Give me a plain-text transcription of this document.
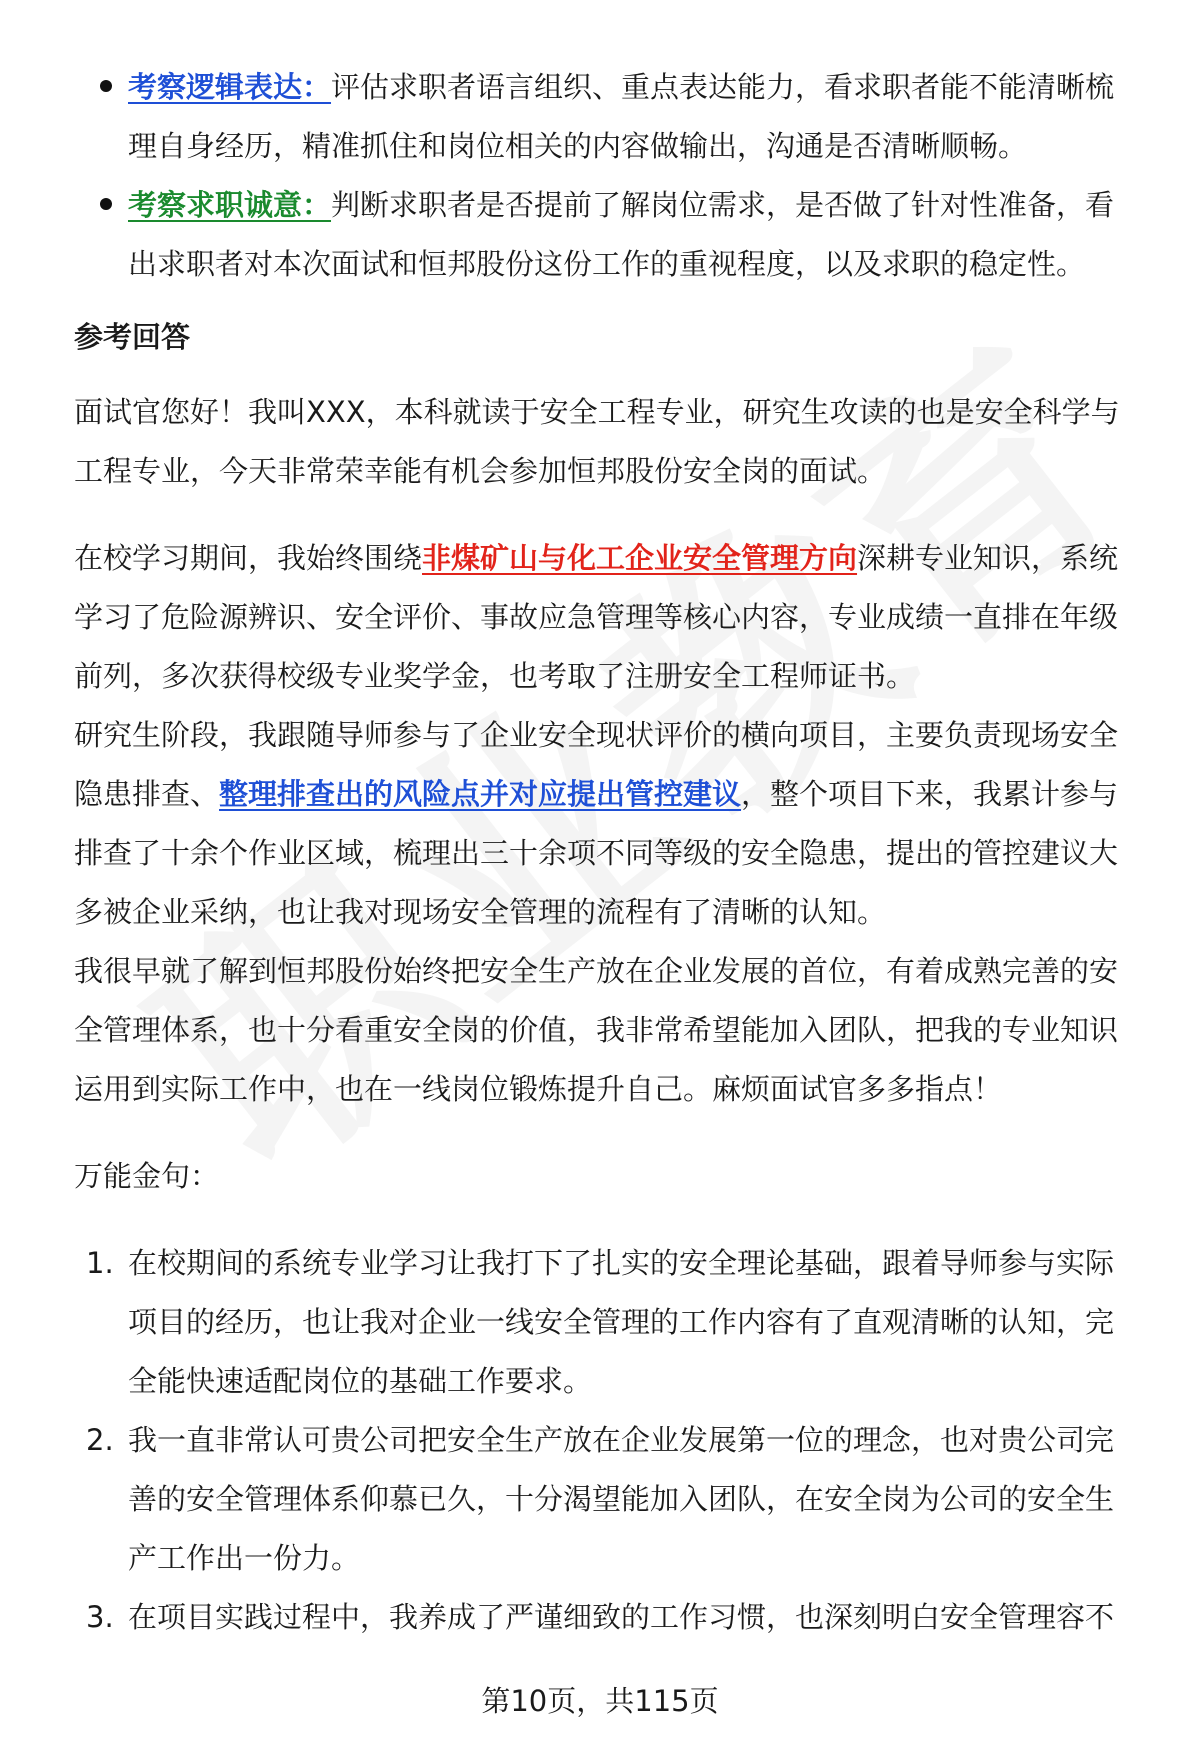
考察逻辑表达：评估求职者语言组织、重点表达能力，看求职者能不能清晰梳
理自身经历，精准抓住和岗位相关的内容做输出，沟通是否清晰顺畅。
考察求职诚意：判断求职者是否提前了解岗位需求，是否做了针对性准备，看
出求职者对本次面试和恒邦股份这份工作的重视程度，以及求职的稳定性。
参考回答
面试官您好！我叫XXX，本科就读于安全工程专业，研究生攻读的也是安全科学与
工程专业，今天非常荣幸能有机会参加恒邦股份安全岗的面试。
在校学习期间，我始终围绕非煤矿山与化工企业安全管理方向深耕专业知识，系统
学习了危险源辨识、安全评价、事故应急管理等核心内容，专业成绩一直排在年级
前列，多次获得校级专业奖学金，也考取了注册安全工程师证书。
研究生阶段，我跟随导师参与了企业安全现状评价的横向项目，主要负责现场安全
隐患排查、整理排查出的风险点并对应提出管控建议，整个项目下来，我累计参与
排查了十余个作业区域，梳理出三十余项不同等级的安全隐患，提出的管控建议大
多被企业采纳，也让我对现场安全管理的流程有了清晰的认知。
我很早就了解到恒邦股份始终把安全生产放在企业发展的首位，有着成熟完善的安
全管理体系，也十分看重安全岗的价值，我非常希望能加入团队，把我的专业知识
运用到实际工作中，也在一线岗位锻炼提升自己。麻烦面试官多多指点！
万能金句：
1. 在校期间的系统专业学习让我打下了扎实的安全理论基础，跟着导师参与实际
项目的经历，也让我对企业一线安全管理的工作内容有了直观清晰的认知，完
全能快速适配岗位的基础工作要求。
2. 我一直非常认可贵公司把安全生产放在企业发展第一位的理念，也对贵公司完
善的安全管理体系仰慕已久，十分渴望能加入团队，在安全岗为公司的安全生
产工作出一份力。
3. 在项目实践过程中，我养成了严谨细致的工作习惯，也深刻明白安全管理容不
第10页，共115页
